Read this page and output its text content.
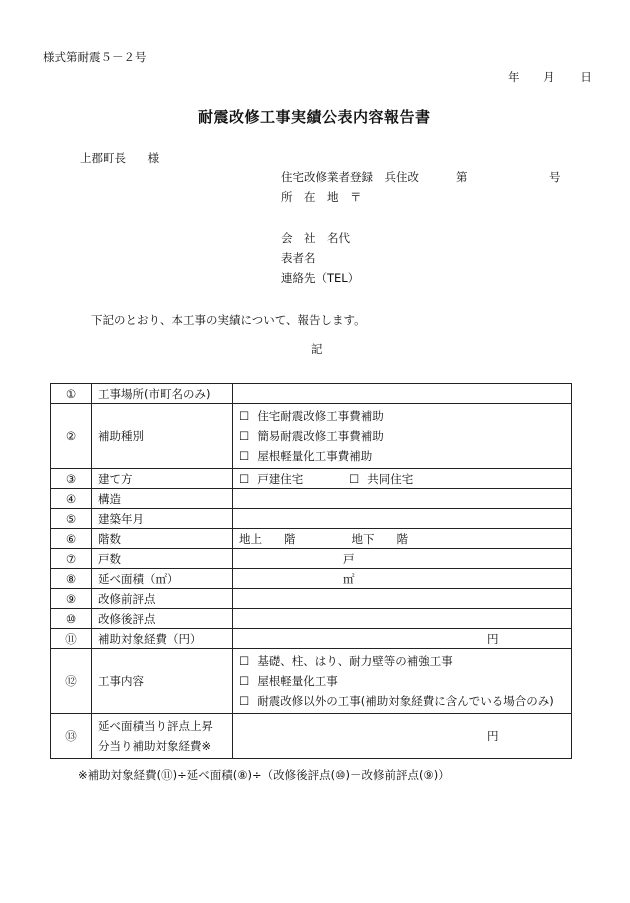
様式第耐震５－２号
年 月 日
耐震改修工事実績公表内容報告書
上郡町長 様
住宅改修業者登録　兵住改	第	号
所　在　地　〒
会　社　名代
表者名
連絡先（TEL）
下記のとおり、本工事の実績について、報告します。
記
①	工事場所(市町名のみ)	
②	補助種別	☐ 住宅耐震改修工事費補助
☐ 簡易耐震改修工事費補助
☐ 屋根軽量化工事費補助

③	建て方	☐ 戸建住宅 ☐ 共同住宅
④	構造	
⑤	建築年月	
⑥	階数	地上 階 地下 階
⑦	戸数	戸
⑧	延べ面積（㎡）	㎡
⑨	改修前評点	
⑩	改修後評点	
⑪	補助対象経費（円）	円
⑫	工事内容	☐ 基礎、柱、はり、耐力壁等の補強工事
☐ 屋根軽量化工事
☐ 耐震改修以外の工事(補助対象経費に含んでいる場合のみ)

⑬	延べ面積当り評点上昇
分当り補助対象経費※	円
※補助対象経費(⑪)÷延べ面積(⑧)÷（改修後評点(⑩)－改修前評点(⑨)）
